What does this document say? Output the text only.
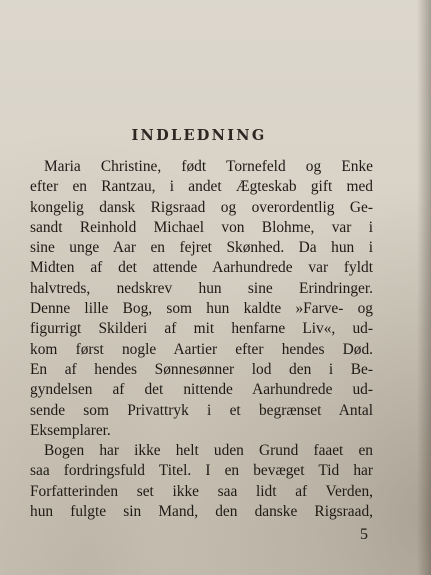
INDLEDNING
Maria Christine, født Tornefeld og Enke
efter en Rantzau, i andet Ægteskab gift med
kongelig dansk Rigsraad og overordentlig Ge-
sandt Reinhold Michael von Blohme, var i
sine unge Aar en fejret Skønhed. Da hun i
Midten af det attende Aarhundrede var fyldt
halvtreds, nedskrev hun sine Erindringer.
Denne lille Bog, som hun kaldte »Farve- og
figurrigt Skilderi af mit henfarne Liv«, ud-
kom først nogle Aartier efter hendes Død.
En af hendes Sønnesønner lod den i Be-
gyndelsen af det nittende Aarhundrede ud-
sende som Privattryk i et begrænset Antal
Eksemplarer.
Bogen har ikke helt uden Grund faaet en
saa fordringsfuld Titel. I en bevæget Tid har
Forfatterinden set ikke saa lidt af Verden,
hun fulgte sin Mand, den danske Rigsraad,
5
